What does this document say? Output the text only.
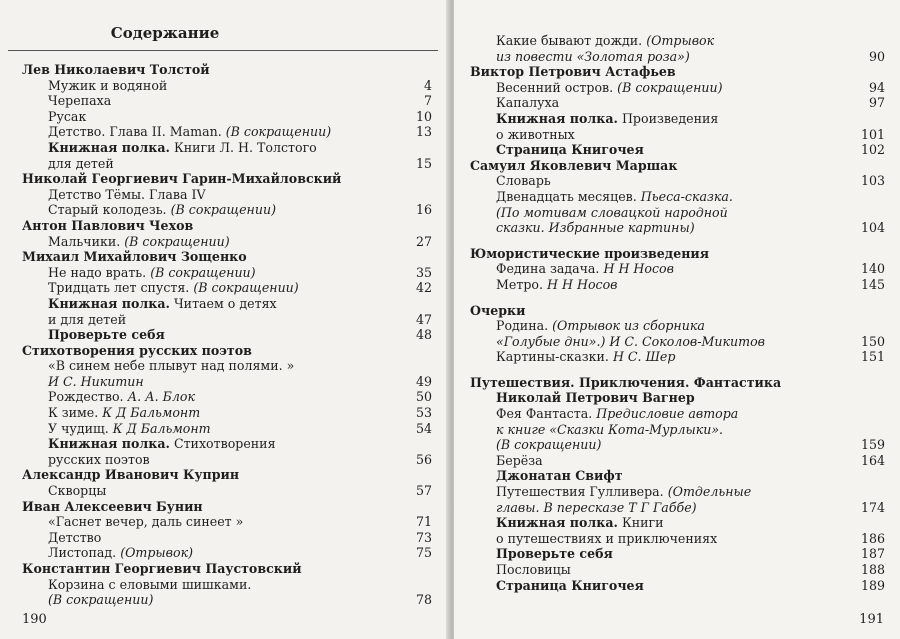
Содержание
Лев Николаевич Толстой
Мужик и водяной	4
Черепаха	7
Русак	10
Детство. Глава II. Maman. (В сокращении)	13
Книжная полка. Книги Л. Н. Толстого
для детей	15
Николай Георгиевич Гарин-Михайловский
Детство Тёмы. Глава IV
Старый колодезь. (В сокращении)	16
Антон Павлович Чехов
Мальчики. (В сокращении)	27
Михаил Михайлович Зощенко
Не надо врать. (В сокращении)	35
Тридцать лет спустя. (В сокращении)	42
Книжная полка. Читаем о детях
и для детей	47
Проверьте себя	48
Стихотворения русских поэтов
«В синем небе плывут над полями. »
И С. Никитин	49
Рождество. А. А. Блок	50
К зиме. К Д Бальмонт	53
У чудищ. К Д Бальмонт	54
Книжная полка. Стихотворения
русских поэтов	56
Александр Иванович Куприн
Скворцы	57
Иван Алексеевич Бунин
«Гаснет вечер, даль синеет »	71
Детство	73
Листопад. (Отрывок)	75
Константин Георгиевич Паустовский
Корзина с еловыми шишками.
(В сокращении)	78
190
Какие бывают дожди. (Отрывок
из повести «Золотая роза»)	90
Виктор Петрович Астафьев
Весенний остров. (В сокращении)	94
Капалуха	97
Книжная полка. Произведения
о животных	101
Страница Книгочея	102
Самуил Яковлевич Маршак
Словарь	103
Двенадцать месяцев. Пьеса-сказка.
(По мотивам словацкой народной
сказки. Избранные картины)	104
Юмористические произведения
Федина задача. Н Н Носов	140
Метро. Н Н Носов	145
Очерки
Родина. (Отрывок из сборника
«Голубые дни».) И С. Соколов-Микитов	150
Картины-сказки. Н С. Шер	151
Путешествия. Приключения. Фантастика
Николай Петрович Вагнер
Фея Фантаста. Предисловие автора
к книге «Сказки Кота-Мурлыки».
(В сокращении)	159
Берёза	164
Джонатан Свифт
Путешествия Гулливера. (Отдельные
главы. В пересказе Т Г Габбе)	174
Книжная полка. Книги
о путешествиях и приключениях	186
Проверьте себя	187
Пословицы	188
Страница Книгочея	189
191
